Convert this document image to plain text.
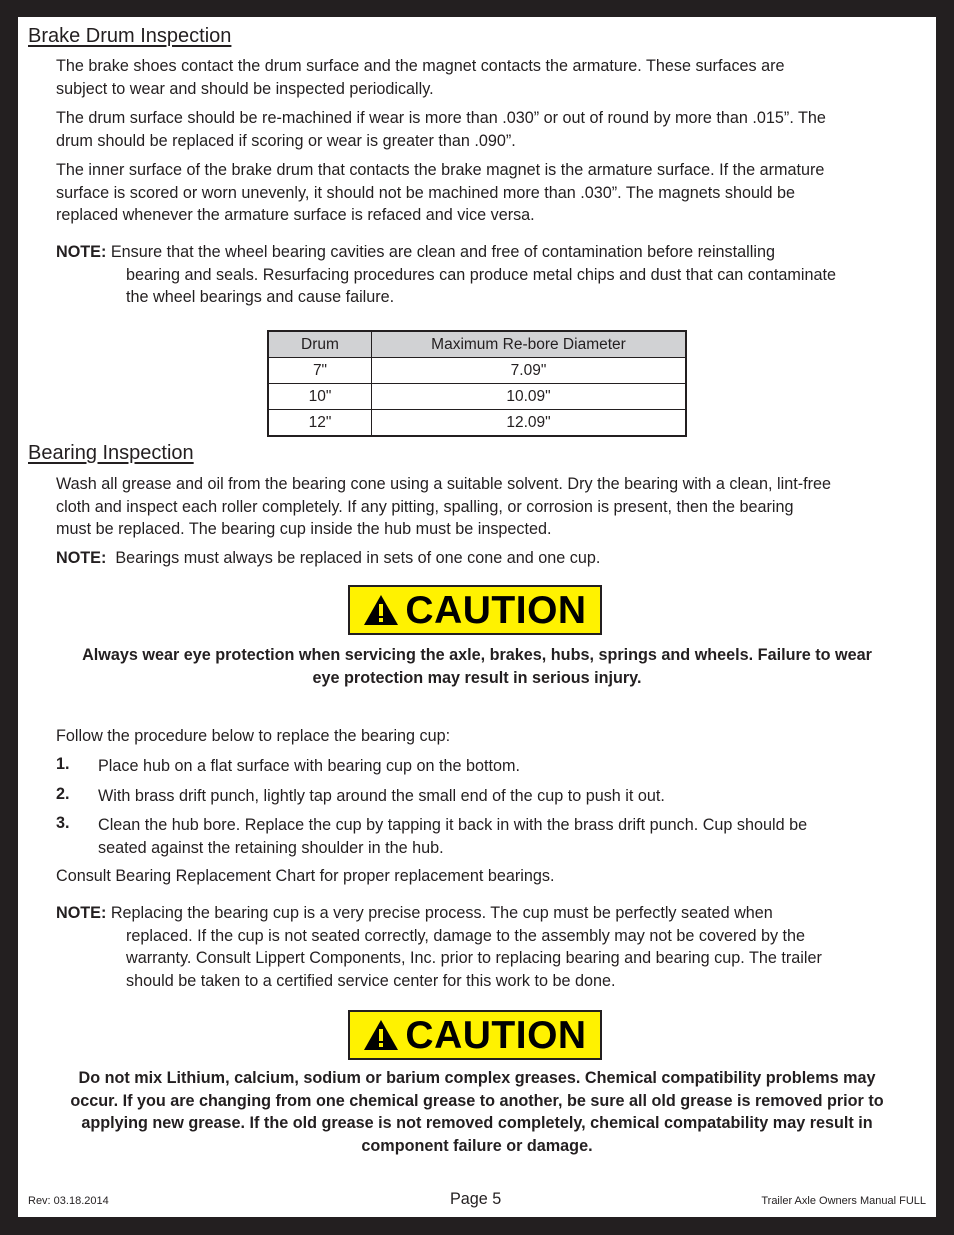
Brake Drum Inspection
The brake shoes contact the drum surface and the magnet contacts the armature. These surfaces are
subject to wear and should be inspected periodically.
The drum surface should be re-machined if wear is more than .030” or out of round by more than .015”. The
drum should be replaced if scoring or wear is greater than .090”.
The inner surface of the brake drum that contacts the brake magnet is the armature surface. If the armature
surface is scored or worn unevenly, it should not be machined more than .030”. The magnets should be
replaced whenever the armature surface is refaced and vice versa.
NOTE: Ensure that the wheel bearing cavities are clean and free of contamination before reinstalling
bearing and seals. Resurfacing procedures can produce metal chips and dust that can contaminate
the wheel bearings and cause failure.
Drum	Maximum Re-bore Diameter
7"	7.09"
10"	10.09"
12"	12.09"
Bearing Inspection
Wash all grease and oil from the bearing cone using a suitable solvent. Dry the bearing with a clean, lint-free
cloth and inspect each roller completely. If any pitting, spalling, or corrosion is present, then the bearing
must be replaced. The bearing cup inside the hub must be inspected.
NOTE:  Bearings must always be replaced in sets of one cone and one cup.
CAUTION
Always wear eye protection when servicing the axle, brakes, hubs, springs and wheels. Failure to wear
eye protection may result in serious injury.
Follow the procedure below to replace the bearing cup:
1. Place hub on a flat surface with bearing cup on the bottom.
2. With brass drift punch, lightly tap around the small end of the cup to push it out.
3. Clean the hub bore. Replace the cup by tapping it back in with the brass drift punch. Cup should be
seated against the retaining shoulder in the hub.
Consult Bearing Replacement Chart for proper replacement bearings.
NOTE: Replacing the bearing cup is a very precise process. The cup must be perfectly seated when
replaced. If the cup is not seated correctly, damage to the assembly may not be covered by the
warranty. Consult Lippert Components, Inc. prior to replacing bearing and bearing cup. The trailer
should be taken to a certified service center for this work to be done.
CAUTION
Do not mix Lithium, calcium, sodium or barium complex greases. Chemical compatibility problems may
occur. If you are changing from one chemical grease to another, be sure all old grease is removed prior to
applying new grease. If the old grease is not removed completely, chemical compatability may result in
component failure or damage.
Rev: 03.18.2014	Page 5	Trailer Axle Owners Manual FULL
